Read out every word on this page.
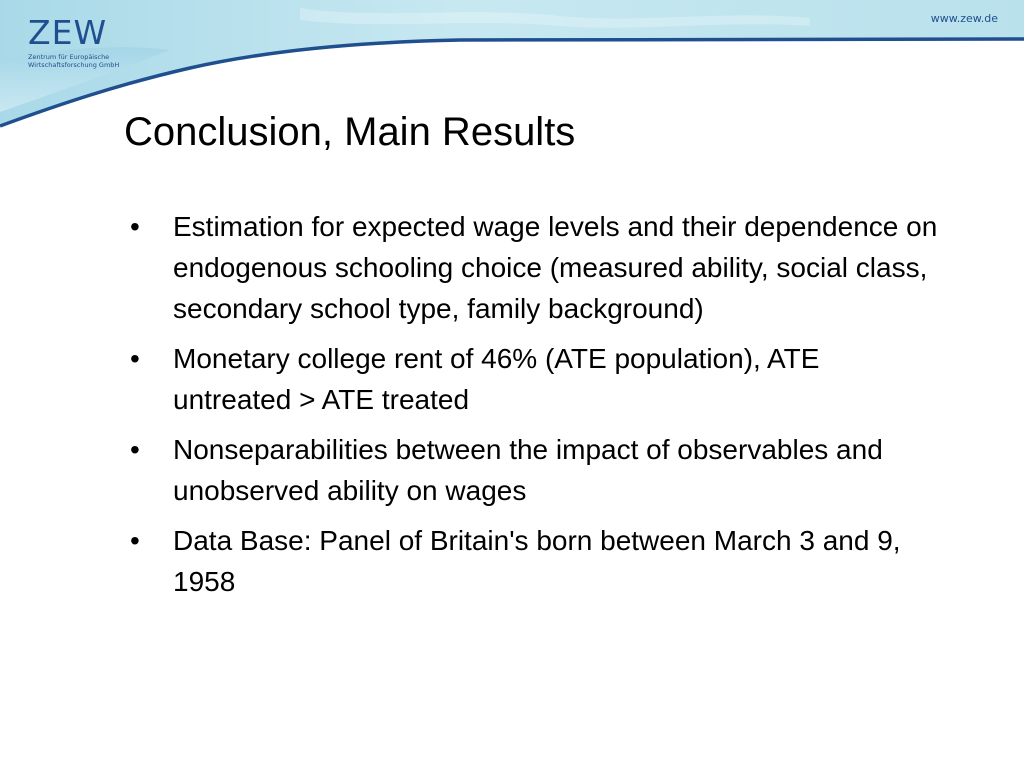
ZEW
Zentrum für Europäische
Wirtschaftsforschung GmbH
www.zew.de
Conclusion, Main Results
•	Estimation for expected wage levels and their dependence on endogenous schooling choice (measured ability, social class, secondary school type, family background)
•	Monetary college rent of 46% (ATE population), ATE untreated > ATE treated
•	Nonseparabilities between the impact of observables and unobserved ability on wages
•	Data Base: Panel of Britain's born between March 3 and 9, 1958
